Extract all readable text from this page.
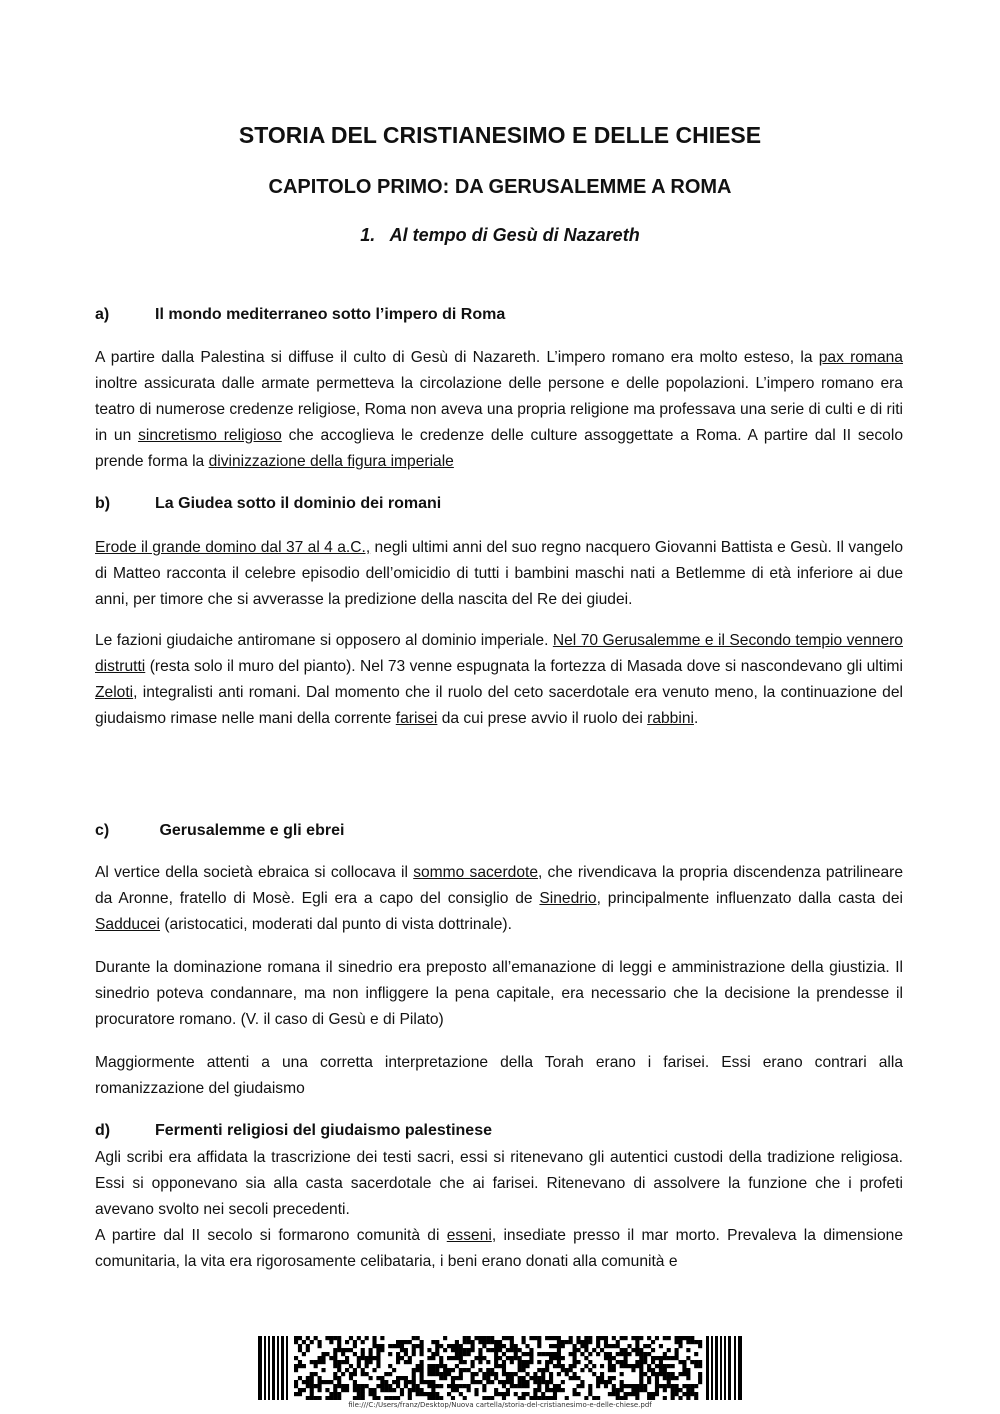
STORIA DEL CRISTIANESIMO E DELLE CHIESE
CAPITOLO PRIMO: DA GERUSALEMME A ROMA
1.   Al tempo di Gesù di Nazareth
a)	Il mondo mediterraneo sotto l’impero di Roma

A partire dalla Palestina si diffuse il culto di Gesù di Nazareth. L’impero romano era molto esteso, la pax romana inoltre assicurata dalle armate permetteva la circolazione delle persone e delle popolazioni. L’impero romano era teatro di numerose credenze religiose, Roma non aveva una propria religione ma professava una serie di culti e di riti in un sincretismo religioso che accoglieva le credenze delle culture assoggettate a Roma. A partire dal II secolo prende forma la divinizzazione della figura imperiale

b)	La Giudea sotto il dominio dei romani

Erode il grande domino dal 37 al 4 a.C., negli ultimi anni del suo regno nacquero Giovanni Battista e Gesù. Il vangelo di Matteo racconta il celebre episodio dell’omicidio di tutti i bambini maschi nati a Betlemme di età inferiore ai due anni, per timore che si avverasse la predizione della nascita del Re dei giudei.

Le fazioni giudaiche antiromane si opposero al dominio imperiale. Nel 70 Gerusalemme e il Secondo tempio vennero distrutti (resta solo il muro del pianto). Nel 73 venne espugnata la fortezza di Masada dove si nascondevano gli ultimi Zeloti, integralisti anti romani. Dal momento che il ruolo del ceto sacerdotale era venuto meno, la continuazione del giudaismo rimase nelle mani della corrente farisei da cui prese avvio il ruolo dei rabbini.

c)	Gerusalemme e gli ebrei

Al vertice della società ebraica si collocava il sommo sacerdote, che rivendicava la propria discendenza patrilineare da Aronne, fratello di Mosè. Egli era a capo del consiglio de Sinedrio, principalmente influenzato dalla casta dei Sadducei (aristocatici, moderati dal punto di vista dottrinale).

Durante la dominazione romana il sinedrio era preposto all’emanazione di leggi e amministrazione della giustizia. Il sinedrio poteva condannare, ma non infliggere la pena capitale, era necessario che la decisione la prendesse il procuratore romano. (V. il caso di Gesù e di Pilato)

Maggiormente attenti a una corretta interpretazione della Torah erano i farisei. Essi erano contrari alla romanizzazione del giudaismo

d)	Fermenti religiosi del giudaismo palestinese

Agli scribi era affidata la trascrizione dei testi sacri, essi si ritenevano gli autentici custodi della tradizione religiosa. Essi si opponevano sia alla casta sacerdotale che ai farisei. Ritenevano di assolvere la funzione che i profeti avevano svolto nei secoli precedenti.

A partire dal II secolo si formarono comunità di esseni, insediate presso il mar morto. Prevaleva la dimensione comunitaria, la vita era rigorosamente celibataria, i beni erano donati alla comunità e

file:///C:/Users/franz/Desktop/Nuova cartella/storia-del-cristianesimo-e-delle-chiese.pdf
